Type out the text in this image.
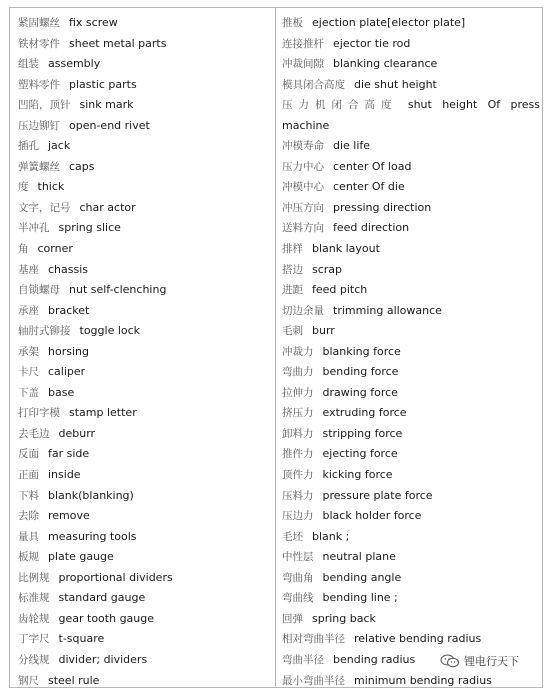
紧固螺丝 fix screw
铁材零件 sheet metal parts
组装 assembly
塑料零件 plastic parts
凹陷，顶针 sink mark
压边铆钉 open-end rivet
插孔 jack
弹簧螺丝 caps
度 thick
文字，记号 char actor
半冲孔 spring slice
角 corner
基座 chassis
自锁螺母 nut self-clenching
承座 bracket
轴肘式铆接 toggle lock
承架 horsing
卡尺 caliper
下盖 base
打印字模 stamp letter
去毛边 deburr
反面 far side
正面 inside
下料 blank(blanking)
去除 remove
量具 measuring tools
板规 plate gauge
比例规 proportional dividers
标准规 standard gauge
齿轮规 gear tooth gauge
丁字尺 t-square
分线规 divider; dividers
钢尺 steel rule
推板 ejection plate[elector plate]
连接推杆 ejector tie rod
冲裁间隙 blanking clearance
模具闭合高度 die shut height
压力机闭合高度 shut height Of press
machine
冲模寿命 die life
压力中心 center Of load
冲模中心 center Of die
冲压方向 pressing direction
送料方向 feed direction
排样 blank layout
搭边 scrap
进距 feed pitch
切边余量 trimming allowance
毛刺 burr
冲裁力 blanking force
弯曲力 bending force
拉伸力 drawing force
挤压力 extruding force
卸料力 stripping force
推件力 ejecting force
顶件力 kicking force
压料力 pressure plate force
压边力 black holder force
毛坯 blank ;
中性层 neutral plane
弯曲角 bending angle
弯曲线 bending line ;
回弹 spring back
相对弯曲半径 relative bending radius
弯曲半径 bending radius
最小弯曲半径 minimum bending radius
锂电行天下
